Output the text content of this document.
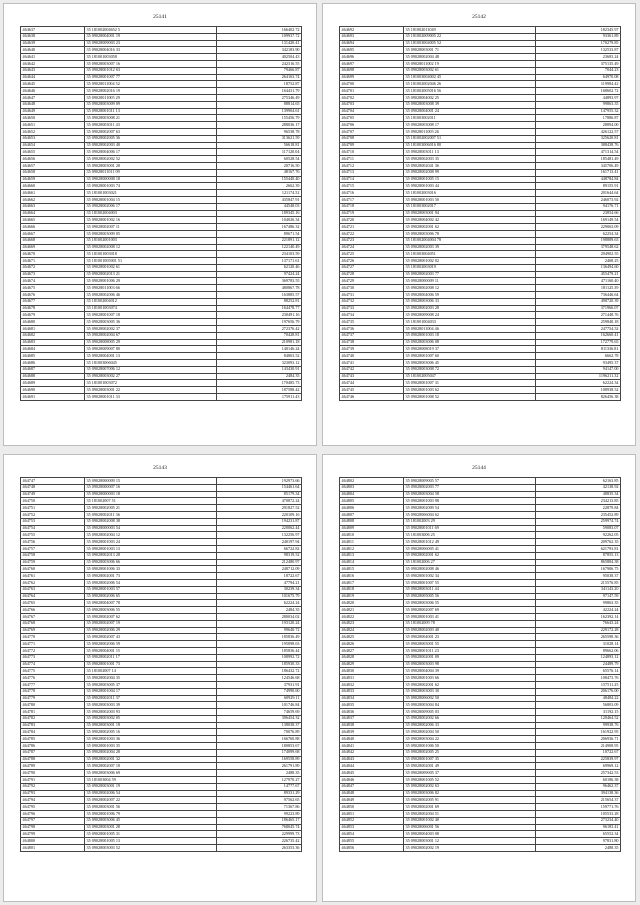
25141
464637	35 181002004652 5	166402.72
464638	35 09028004001 19	109937.72
464639	35 09028009003 23	131420.41
464640	35 09028004016 33	342183.90
464641	35 181001003058	402504.43
464642	35 09028003007 16	242316.55
464643	35 09028001012 63	79466.87
464644	35 09028001007 77	264163.74
464645	35 09028011004 52	18752.87
464646	35 09028002016 19	164431.79
464647	35 09028011005 29	275346.49
464648	35 09028003009 09	88814.65
464649	35 09028001011 13	139904.61
464650	35 09028003008 21	155456.79
464651	35 09028003011 43	288036.17
464652	35 09028002007 63	96538.78
464653	35 09028002005 36	313621.59
464654	35 09028002003 40	56618.81
464655	35 09028004006 17	117120.04
464656	35 09028002002 52	60528.54
464657	35 09028003001 28	20716.50
464658	35 09028011011 09	48167.76
464659	35 09028000008 18	155440.40
464660	35 09028001003 74	2662.39
464661	35 181001003021	121174.52
464662	35 09028001004 15	435847.91
464663	35 09028002006 17	44548.03
464664	35 181002004003	189345.16
464665	35 09028001002 16	104026.34
464666	35 09028002007 11	167486.32
464667	35 09028003009 05	89671.54
464668	35 181002001003	221891.12
464669	35 09028002008 12	122140.49
464670	35 181001003018	234103.59
464671	35 181001005001 51	137171.61
464672	35 09028001002 61	62120.46
464673	35 09028002013 21	97424.24
464674	35 09028001006 29	369783.55
464675	35 09028011003 66	480867.78
464676	35 09028002006 46	163885.57
464677	35 181002004012	88252.81
464678	35 181001003074	164478.77
464679	35 09028001007 18	230491.16
464680	35 09028003005 36	197656.79
464681	35 09028002002 37	272376.42
464682	35 09028002004 67	70428.81
464683	35 09028008005 29	210981.18
464684	35 09028009007 80	140146.24
464685	35 09028004001 13	84863.52
464686	35 181003006045	323093.12
464687	35 09028007006 12	143430.91
464688	35 09028003002 27	2484.35
464689	35 181001003072	170485.73
464690	35 09028003001 22	187588.42
464691	35 09028001011 33	175911.43
25142
464692	35 181002011049	182345.97
464693	35 181002009005 22	93361.89
464694	35 181003004005 52	170279.85
464695	35 09028003001 71	132533.87
464696	35 09028002004 48	23683.24
464697	35 09028011002 19	375135.49
464698	35 09028003002 61	7044.23
464699	35 181003004002 45	64970.08
464700	35 181002002046 26	119984.42
464701	35 181002005016 56	168602.72
464702	35 09028004002 25	44893.97
464703	35 09028003008 39	99863.35
464704	35 09028004001 24	147955.32
464705	35 181003002011	17886.87
464706	35 09028003008 17	28894.00
464707	35 09028011005 26	426122.57
464708	35 181002002007 51	325620.81
464709	35 181003006016 80	388438.76
464710	35 09028003011 13	471314.54
464711	35 09028002003 35	185481.49
464712	35 09028002041 36	345706.49
464713	35 09028002008 99	161713.41
464714	35 09028001005 15	448784.84
464715	35 09028001003 44	89155.91
464716	35 181002003016	201644.64
464717	35 09028001003 50	246073.92
464718	35 181003002017	94176.71
464719	35 09028003001 94	23854.66
464720	35 09028004002 42	169149.54
464721	35 09028002001 62	229063.09
464722	35 09028003006 78	62254.34
464723	35 181002004004 78	198889.63
464724	35 09028002003 39	379548.62
464725	35 181003004051	294902.55
464726	35 09028001002 02	2468.25
464727	35 181002003019	136494.60
464728	35 09028002003 77	455479.21
464729	35 09028000009 11	471160.40
464730	35 09028002008 12	181125.39
464731	35 09028004006 59	736446.64
464732	35 09028003006 33	498720.39
464733	35 09028002003 28	371966.07
464734	35 09028009008 24	271448.76
464735	35 181001004033	259840.18
464736	35 09028011004 46	247754.52
464737	35 09028001003 18	162660.41
464738	35 09028003006 08	172779.65
464739	35 09028008019 37	811336.81
464740	35 09028001007 60	6662.78
464741	35 09028003006 45	93495.37
464742	35 09028003008 72	94147.00
464743	35 181002005047	1196211.32
464744	35 09028001007 31	62224.34
464745	35 09028001003 62	108938.52
464746	35 09028001008 52	826456.38
25143
464747	35 09028000009 15	192973.66
464748	35 09028000007 16	154461.64
464749	35 09028000003 18	85179.34
464750	35 181002007 51	470872.24
464751	35 09028002005 21	291827.52
464752	35 09028002011 36	220109.16
464753	35 09028002008 38	194231.87
464754	35 09028000003 54	220062.44
464755	35 09028002004 12	132256.97
464756	35 09028001003 24	240197.94
464757	35 09028001003 13	66722.82
464758	35 09028002013 28	98319.52
464759	35 09028003006 66	212480.97
464760	35 09028001006 33	248712.09
464761	35 09028002001 73	18722.67
464762	35 09028002006 54	47794.21
464763	35 09028001003 57	30239.34
464764	35 09028002006 65	101675.79
464765	35 09028004007 78	62224.24
464766	35 09028003006 55	2484.35
464767	35 09028002007 62	280034.02
464768	35 09028002007 19	193120.24
464769	35 09028002006 29	99640.72
464770	35 09028002007 43	185836.49
464771	35 09028002006 59	195098.63
464772	35 09028004001 15	185836.44
464773	35 09028002011 17	108992.72
464774	35 09028001001 73	185930.33
464775	35 181002007 14	186432.72
464776	35 09028002004 35	124546.68
464777	35 09028003005 37	37931.91
464778	35 09028001004 17	74990.60
464779	35 09028002011 37	60929.11
464780	35 09028003003 39	101746.84
464781	35 09028002003 93	74659.69
464782	35 09028003002 05	396454.32
464783	35 09028003001 18	138038.37
464784	35 09028002005 16	70076.89
464785	35 09028001003 36	166760.88
464786	35 09028001003 35	180853.67
464787	35 09028002004 28	174099.68
464788	35 09028002001 32	169558.89
464789	35 09028002007 18	261791.89
464790	35 09028003006 69	2488.35
464791	35 181003004 59	127970.27
464792	35 09028003001 19	14777.67
464793	35 09028002006 54	89331.29
464794	35 09028002007 22	97562.65
464795	35 09028003001 56	71367.86
464796	35 09028001006 79	99223.89
464797	35 09028003006 45	186465.17
464798	35 09028003001 28	768045.74
464799	35 09028001005 31	229999.73
464800	35 09028001005 13	226735.42
464801	35 09028003003 52	263353.36
25144
464802	35 09028009005 57	62163.85
464803	35 09028002003 77	42138.92
464804	35 09028003004 58	48835.34
464805	35 09028001003 98	234213.85
464806	35 09028002009 54	22879.84
464807	35 09028006004 62	235452.89
464808	35 181002003 29	259974.74
464809	35 09028001011 69	59083.07
464810	35 181003006 25	92262.05
464811	35 09028001012 49	209762.35
464812	35 09028006005 41	621793.81
464813	35 09028002001 62	87855.13
464814	35 181002006 27	865884.38
464815	35 09028002008 46	167906.75
464816	35 09028001002 34	95038.37
464817	35 09028001007 55	215576.85
464818	35 09028003011 44	341143.20
464819	35 09028005005 56	97147.59
464820	35 09028003006 55	99863.35
464821	35 09028002007 69	42224.24
464822	35 09028001003 41	162392.14
464823	35 181002009 78	76643.24
464824	35 09028002003 40	229172.28
464825	35 09028004001 23	265598.36
464826	35 09028003001 55	31028.14
464827	35 09028001011 23	89662.06
464828	35 09028002001 09	124893.12
464829	35 09028003003 98	24489.79
464830	35 09028004004 39	65576.14
464831	35 09028001003 66	108473.76
464832	35 09028002001 62	157511.25
464833	35 09028003003 30	206176.00
464834	35 09028006002 50	48484.22
464835	35 09028003004 84	56803.09
464836	35 09028009005 03	31192.15
464837	35 09028002002 66	120464.52
464838	35 09028002006 33	99938.76
464839	35 09028002004 50	161922.95
464840	35 09028003004 22	206936.71
464841	35 09028001006 50	214908.95
464842	35 09028002005 25	10722.67
464843	35 09028001007 35	225839.97
464844	35 09028002001 49	69969.12
464845	35 09028009005 37	257342.53
464846	35 09028001005 52	60186.38
464847	35 09028002002 63	96462.37
464848	35 09028003006 82	394138.36
464849	35 09028002005 91	215654.37
464850	35 09028002001 69	159771.76
464851	35 09028002004 51	105533.28
464852	35 09028001002 40	273234.40
464853	35 09028006001 56	96183.41
464854	35 09028004003 08	65552.34
464855	35 09028003001 12	97831.80
464856	35 09028002002 19	2488.35
